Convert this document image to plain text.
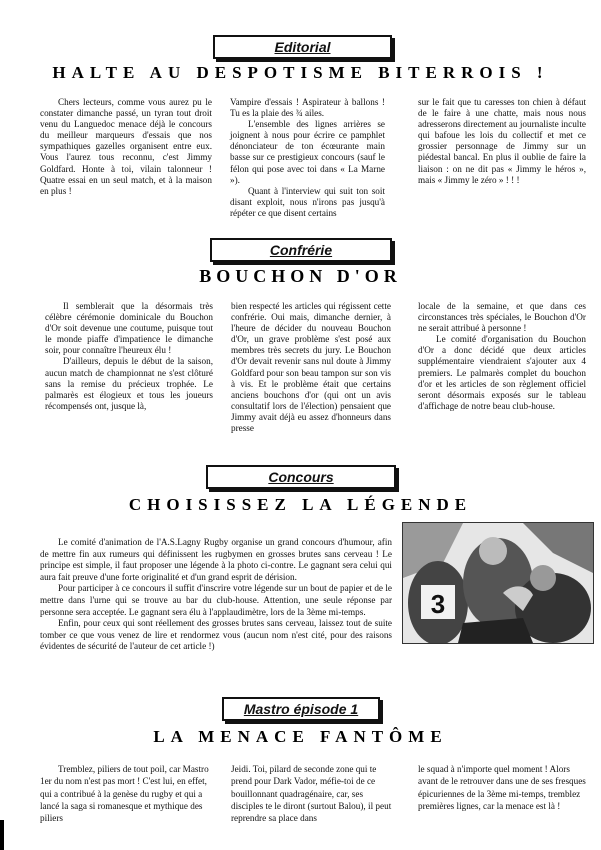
Editorial
HALTE AU DESPOTISME BITERROIS !

Chers lecteurs, comme vous aurez pu le constater dimanche passé, un tyran tout droit venu du Languedoc menace déjà le concours du meilleur marqueurs d'essais que nos sympathiques gazelles organisent entre eux. Vous l'aurez tous reconnu, c'est Jimmy Goldfard. Honte à toi, vilain talonneur ! Quatre essai en un seul match, et à la maison en plus !

Vampire d'essais ! Aspirateur à ballons ! Tu es la plaie des ¾ ailes.

L'ensemble des lignes arrières se joignent à nous pour écrire ce pamphlet dénonciateur de ton écœurante main basse sur ce prestigieux concours (sauf le félon qui pose avec toi dans « La Marne »).

Quant à l'interview qui suit ton soit disant exploit, nous n'irons pas jusqu'à répéter ce que disent certains

sur le fait que tu caresses ton chien à défaut de le faire à une chatte, mais nous nous adresserons directement au journaliste inculte qui bafoue les lois du collectif et met ce grossier personnage de Jimmy sur un piédestal bancal. En plus il oublie de faire la liaison : on ne dit pas « Jimmy le héros », mais « Jimmy le zéro » ! ! !

Confrérie
BOUCHON D'OR

Il semblerait que la désormais très célèbre cérémonie dominicale du Bouchon d'Or soit devenue une coutume, puisque tout le monde piaffe d'impatience le dimanche soir, pour connaître l'heureux élu !

D'ailleurs, depuis le début de la saison, aucun match de championnat ne s'est clôturé sans la remise du précieux trophée. Le palmarès est élogieux et tous les joueurs récompensés ont, jusque là,

bien respecté les articles qui régissent cette confrérie. Oui mais, dimanche dernier, à l'heure de décider du nouveau Bouchon d'Or, un grave problème s'est posé aux membres très secrets du jury. Le Bouchon d'Or devait revenir sans nul doute à Jimmy Goldfard pour son beau tampon sur son vis à vis. Et le problème était que certains anciens bouchons d'or (qui ont un avis consultatif lors de l'élection) pensaient que Jimmy avait déjà eu assez d'honneurs dans presse

locale de la semaine, et que dans ces circonstances très spéciales, le Bouchon d'Or ne serait attribué à personne !

Le comité d'organisation du Bouchon d'Or a donc décidé que deux articles supplémentaire viendraient s'ajouter aux 4 premiers. Le palmarès complet du bouchon d'or et les articles de son règlement officiel seront désormais exposés sur le tableau d'affichage de notre beau club-house.

Concours
CHOISISSEZ LA LÉGENDE

Le comité d'animation de l'A.S.Lagny Rugby organise un grand concours d'humour, afin de mettre fin aux rumeurs qui définissent les rugbymen en grosses brutes sans cerveau ! Le principe est simple, il faut proposer une légende à la photo ci-contre. Le gagnant sera celui qui aura fait preuve d'une forte originalité et d'un grand esprit de dérision.

Pour participer à ce concours il suffit d'inscrire votre légende sur un bout de papier et de le mettre dans l'urne qui se trouve au bar du club-house. Attention, une seule réponse par personne sera acceptée. Le gagnant sera élu à l'applaudimètre, lors de la 3ème mi-temps.

Enfin, pour ceux qui sont réellement des grosses brutes sans cerveau, laissez tout de suite tomber ce que vous venez de lire et rendormez vous (aucun nom n'est cité, pour des raisons évidentes de sécurité de l'auteur de cet article !)

3
Mastro épisode 1
LA MENACE FANTÔME

Tremblez, piliers de tout poil, car Mastro 1er du nom n'est pas mort ! C'est lui, en effet, qui a contribué à la genèse du rugby et qui a lancé la saga si romanesque et mythique des piliers

Jeidi. Toi, pilard de seconde zone qui te prend pour Dark Vador, méfie-toi de ce bouillonnant quadragénaire, car, ses disciples te le diront (surtout Balou), il peut reprendre sa place dans

le squad à n'importe quel moment ! Alors avant de le retrouver dans une de ses fresques épicuriennes de la 3ème mi-temps, tremblez premières lignes, car la menace est là !
